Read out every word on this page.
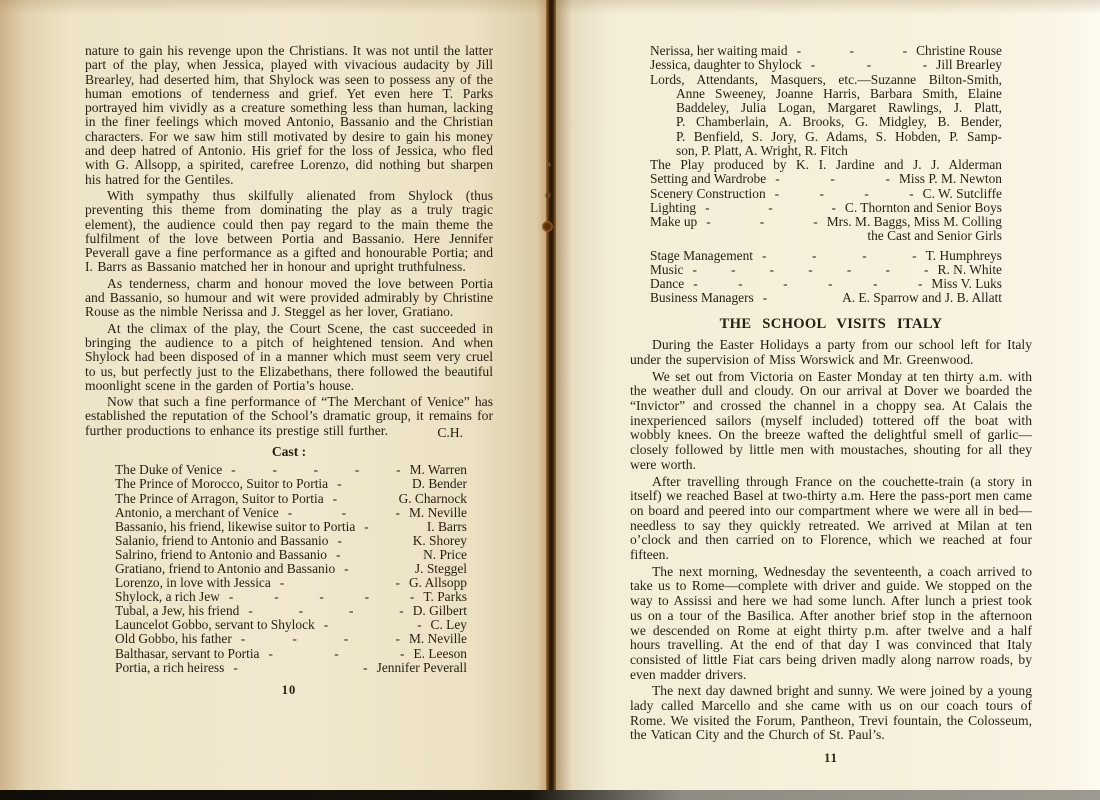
nature to gain his revenge upon the Christians. It was not until the latter part of the play, when Jessica, played with vivacious audacity by Jill Brearley, had deserted him, that Shylock was seen to possess any of the human emotions of tenderness and grief. Yet even here T. Parks portrayed him vividly as a creature something less than human, lacking in the finer feelings which moved Antonio, Bassanio and the Christian characters. For we saw him still motivated by desire to gain his money and deep hatred of Antonio. His grief for the loss of Jessica, who fled with G. Allsopp, a spirited, carefree Lorenzo, did nothing but sharpen his hatred for the Gentiles.

With sympathy thus skilfully alienated from Shylock (thus preventing this theme from dominating the play as a truly tragic element), the audience could then pay regard to the main theme the fulfilment of the love between Portia and Bassanio. Here Jennifer Peverall gave a fine performance as a gifted and honourable Portia; and I. Barrs as Bassanio matched her in honour and upright truthfulness.

As tenderness, charm and honour moved the love between Portia and Bassanio, so humour and wit were provided admirably by Christine Rouse as the nimble Nerissa and J. Steggel as her lover, Gratiano.

At the climax of the play, the Court Scene, the cast succeeded in bringing the audience to a pitch of heightened tension. And when Shylock had been disposed of in a manner which must seem very cruel to us, but perfectly just to the Elizabethans, there followed the beautiful moonlight scene in the garden of Portia’s house.

Now that such a fine performance of “The Merchant of Venice” has established the reputation of the School’s dramatic group, it remains for further productions to enhance its prestige still further.	C.H.
Cast :
The Duke of Venice - - - - - M. Warren
The Prince of Morocco, Suitor to Portia -	D. Bender
The Prince of Arragon, Suitor to Portia -	G. Charnock
Antonio, a merchant of Venice - - - M. Neville
Bassanio, his friend, likewise suitor to Portia -	I. Barrs
Salanio, friend to Antonio and Bassanio -	K. Shorey
Salrino, friend to Antonio and Bassanio -	N. Price
Gratiano, friend to Antonio and Bassanio -	J. Steggel
Lorenzo, in love with Jessica - - G. Allsopp
Shylock, a rich Jew - - - - - T. Parks
Tubal, a Jew, his friend - - - - D. Gilbert
Launcelot Gobbo, servant to Shylock - - C. Ley
Old Gobbo, his father - - - - M. Neville
Balthasar, servant to Portia - - - E. Leeson
Portia, a rich heiress - - Jennifer Peverall
10
Nerissa, her waiting maid - - - Christine Rouse
Jessica, daughter to Shylock - - - Jill Brearley
Lords, Attendants, Masquers, etc.—Suzanne Bilton-Smith,
Anne Sweeney, Joanne Harris, Barbara Smith, Elaine
Baddeley, Julia Logan, Margaret Rawlings, J. Platt,
P. Chamberlain, A. Brooks, G. Midgley, B. Bender,
P. Benfield, S. Jory, G. Adams, S. Hobden, P. Samp-
son, P. Platt, A. Wright, R. Fitch
The Play produced by K. I. Jardine and J. J. Alderman
Setting and Wardrobe - - - Miss P. M. Newton
Scenery Construction - - - - C. W. Sutcliffe
Lighting - - - C. Thornton and Senior Boys
Make up - - - Mrs. M. Baggs, Miss M. Colling
the Cast and Senior Girls
Stage Management - - - - T. Humphreys
Music - - - - - - - R. N. White
Dance - - - - - - Miss V. Luks
Business Managers -	A. E. Sparrow and J. B. Allatt
THE SCHOOL VISITS ITALY

During the Easter Holidays a party from our school left for Italy under the supervision of Miss Worswick and Mr. Greenwood.

We set out from Victoria on Easter Monday at ten thirty a.m. with the weather dull and cloudy. On our arrival at Dover we boarded the “Invictor” and crossed the channel in a choppy sea. At Calais the inexperienced sailors (myself included) tottered off the boat with wobbly knees. On the breeze wafted the delightful smell of garlic—closely followed by little men with moustaches, shouting for all they were worth.

After travelling through France on the couchette-train (a story in itself) we reached Basel at two-thirty a.m. Here the pass-port men came on board and peered into our compartment where we were all in bed—needless to say they quickly retreated. We arrived at Milan at ten o’clock and then carried on to Florence, which we reached at four fifteen.

The next morning, Wednesday the seventeenth, a coach arrived to take us to Rome—complete with driver and guide. We stopped on the way to Assissi and here we had some lunch. After lunch a priest took us on a tour of the Basilica. After another brief stop in the afternoon we descended on Rome at eight thirty p.m. after twelve and a half hours travelling. At the end of that day I was convinced that Italy consisted of little Fiat cars being driven madly along narrow roads, by even madder drivers.

The next day dawned bright and sunny. We were joined by a young lady called Marcello and she came with us on our coach tours of Rome. We visited the Forum, Pantheon, Trevi fountain, the Colosseum, the Vatican City and the Church of St. Paul’s.

11
